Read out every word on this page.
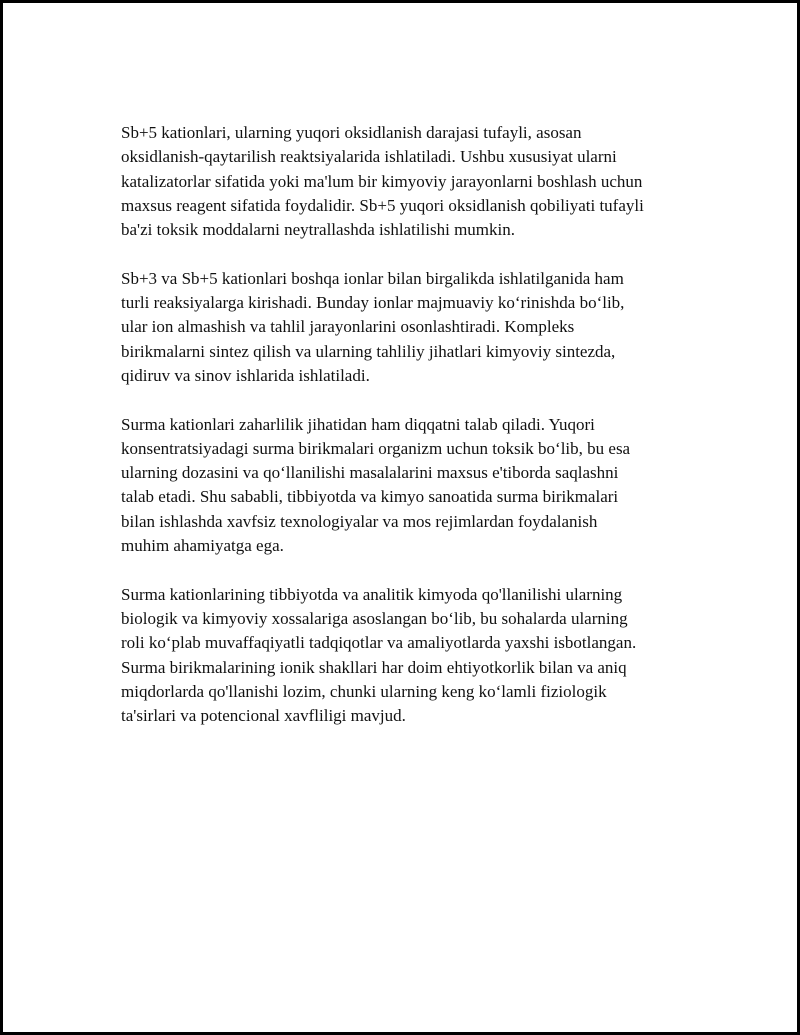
Sb+5 kationlari, ularning yuqori oksidlanish darajasi tufayli, asosan
oksidlanish-qaytarilish reaktsiyalarida ishlatiladi. Ushbu xususiyat ularni
katalizatorlar sifatida yoki ma'lum bir kimyoviy jarayonlarni boshlash uchun
maxsus reagent sifatida foydalidir. Sb+5 yuqori oksidlanish qobiliyati tufayli
ba'zi toksik moddalarni neytrallashda ishlatilishi mumkin.

Sb+3 va Sb+5 kationlari boshqa ionlar bilan birgalikda ishlatilganida ham
turli reaksiyalarga kirishadi. Bunday ionlar majmuaviy ko‘rinishda bo‘lib,
ular ion almashish va tahlil jarayonlarini osonlashtiradi. Kompleks
birikmalarni sintez qilish va ularning tahliliy jihatlari kimyoviy sintezda,
qidiruv va sinov ishlarida ishlatiladi.

Surma kationlari zaharlilik jihatidan ham diqqatni talab qiladi. Yuqori
konsentratsiyadagi surma birikmalari organizm uchun toksik bo‘lib, bu esa
ularning dozasini va qo‘llanilishi masalalarini maxsus e'tiborda saqlashni
talab etadi. Shu sababli, tibbiyotda va kimyo sanoatida surma birikmalari
bilan ishlashda xavfsiz texnologiyalar va mos rejimlardan foydalanish
muhim ahamiyatga ega.

Surma kationlarining tibbiyotda va analitik kimyoda qo'llanilishi ularning
biologik va kimyoviy xossalariga asoslangan bo‘lib, bu sohalarda ularning
roli ko‘plab muvaffaqiyatli tadqiqotlar va amaliyotlarda yaxshi isbotlangan.
Surma birikmalarining ionik shakllari har doim ehtiyotkorlik bilan va aniq
miqdorlarda qo'llanishi lozim, chunki ularning keng ko‘lamli fiziologik
ta'sirlari va potencional xavfliligi mavjud.
